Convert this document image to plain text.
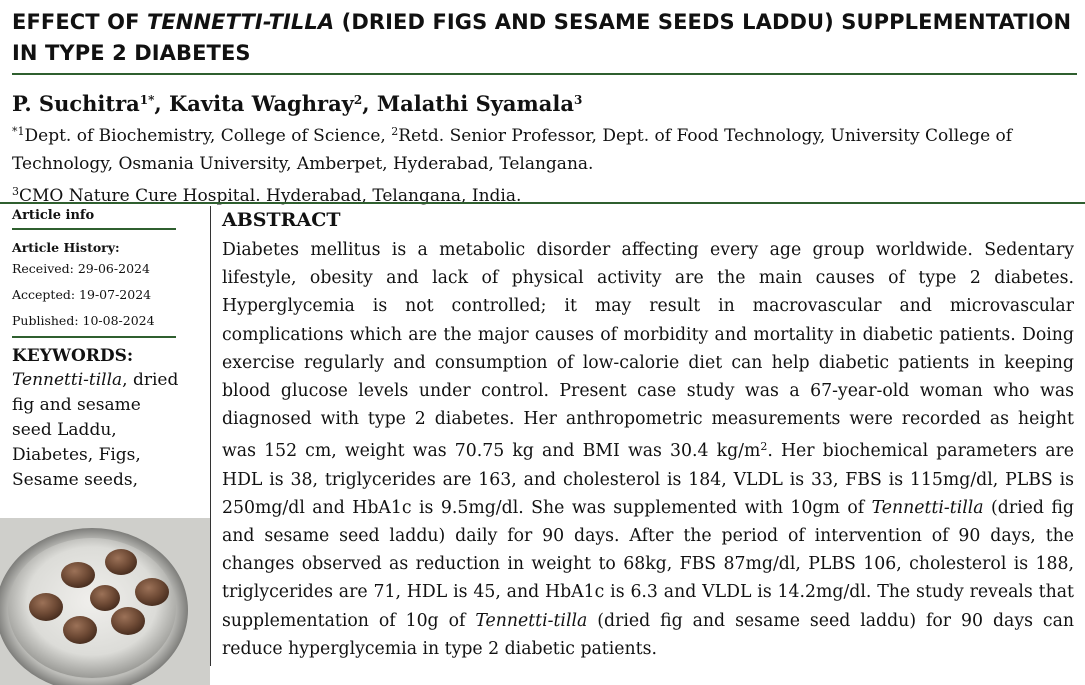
EFFECT OF TENNETTI-TILLA (DRIED FIGS AND SESAME SEEDS LADDU) SUPPLEMENTATION IN TYPE 2 DIABETES
P. Suchitra$^{1*}$, Kavita Waghray$^2$, Malathi Syamala$^3$
$^{*1}$Dept. of Biochemistry, College of Science, $^2$Retd. Senior Professor, Dept. of Food Technology, University College of Technology, Osmania University, Amberpet, Hyderabad, Telangana.
$^3$CMO Nature Cure Hospital. Hyderabad, Telangana, India.
Article info
Article History:
Received: 29-06-2024
Accepted: 19-07-2024
Published: 10-08-2024
KEYWORDS:
Tennetti-tilla, dried fig and sesame seed Laddu, Diabetes, Figs, Sesame seeds,
ABSTRACT
Diabetes mellitus is a metabolic disorder affecting every age group worldwide. Sedentary lifestyle, obesity and lack of physical activity are the main causes of type 2 diabetes. Hyperglycemia is not controlled; it may result in macrovascular and microvascular complications which are the major causes of morbidity and mortality in diabetic patients. Doing exercise regularly and consumption of low-calorie diet can help diabetic patients in keeping blood glucose levels under control. Present case study was a 67-year-old woman who was diagnosed with type 2 diabetes. Her anthropometric measurements were recorded as height was 152 cm, weight was 70.75 kg and BMI was 30.4 $kg/m^2$. Her biochemical parameters are HDL is 38, triglycerides are 163, and cholesterol is 184, VLDL is 33, FBS is 115mg/dl, PLBS is 250mg/dl and HbA1c is 9.5mg/dl. She was supplemented with 10gm of Tennetti-tilla (dried fig and sesame seed laddu) daily for 90 days. After the period of intervention of 90 days, the changes observed as reduction in weight to 68kg, FBS 87mg/dl, PLBS 106, cholesterol is 188, triglycerides are 71, HDL is 45, and HbA1c is 6.3 and VLDL is 14.2mg/dl. The study reveals that supplementation of 10g of Tennetti-tilla (dried fig and sesame seed laddu) for 90 days can reduce hyperglycemia in type 2 diabetic patients.
